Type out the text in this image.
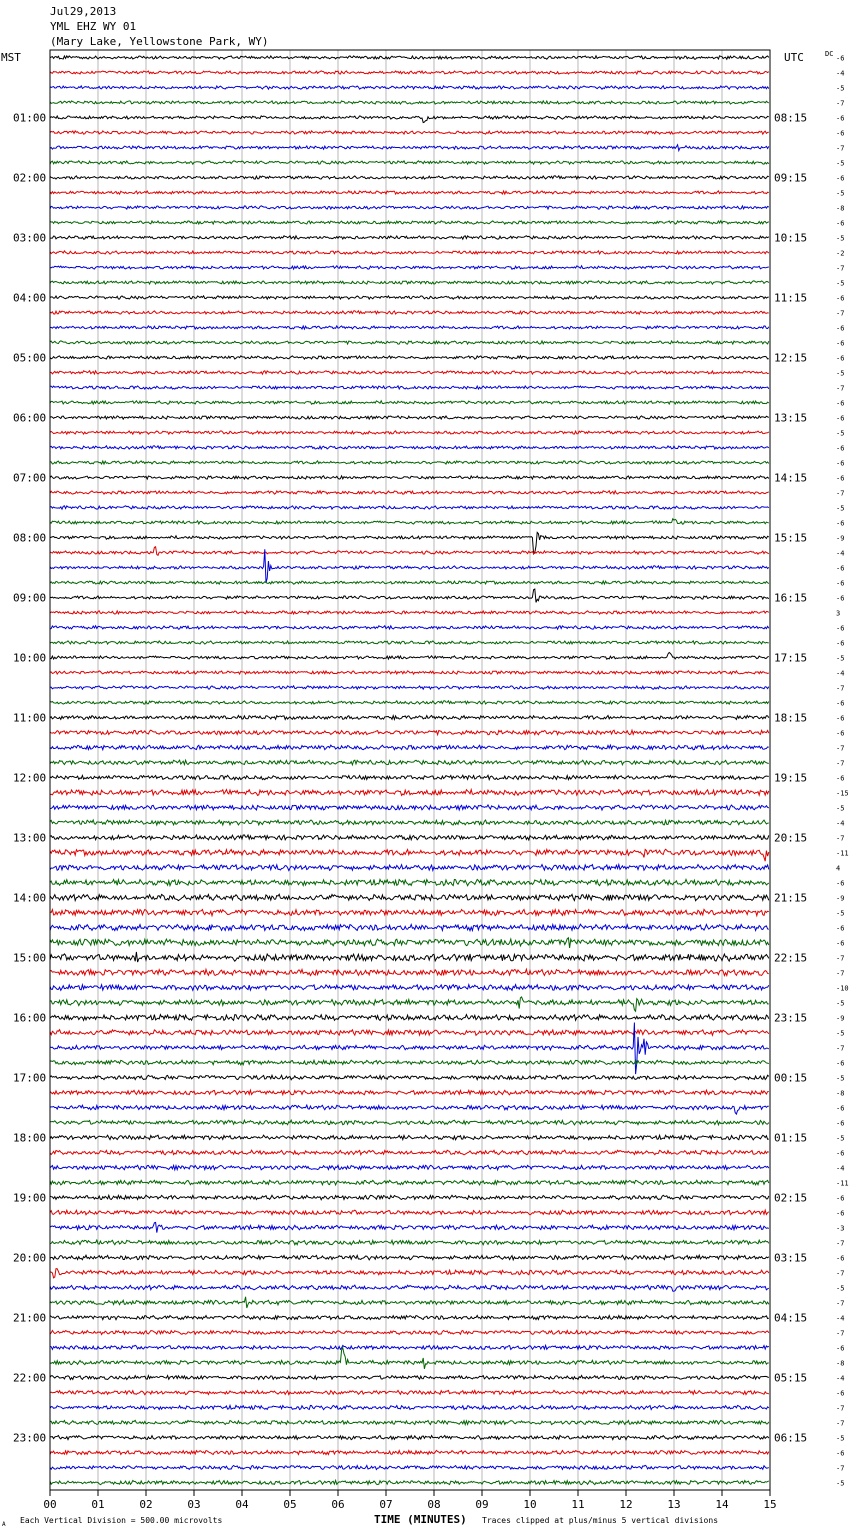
Jul29,2013
YML EHZ WY 01
(Mary Lake, Yellowstone Park, WY)
-6
-4
-5
-7
-6
-6
-7
-5
-6
-5
-8
-6
-5
-2
-7
-5
-6
-7
-6
-6
-6
-5
-7
-6
-6
-5
-6
-6
-6
-7
-5
-6
-9
-4
-6
-6
-6
3
-6
-6
-5
-4
-7
-6
-6
-6
-7
-7
-6
-15
-5
-4
-7
-11
4
-6
-9
-5
-6
-6
-7
-7
-10
-5
-9
-5
-7
-6
-5
-8
-6
-6
-5
-6
-4
-11
-6
-6
-3
-7
-6
-7
-5
-7
-4
-7
-6
-8
-4
-6
-7
-7
-5
-6
-7
-5
01:00
02:00
03:00
04:00
05:00
06:00
07:00
08:00
09:00
10:00
11:00
12:00
13:00
14:00
15:00
16:00
17:00
18:00
19:00
20:00
21:00
22:00
23:00
08:15
09:15
10:15
11:15
12:15
13:15
14:15
15:15
16:15
17:15
18:15
19:15
20:15
21:15
22:15
23:15
00:15
01:15
02:15
03:15
04:15
05:15
06:15
00	01	02	03	04	05	06	07	08	09	10	11	12	13	14	15
MST	UTC	DC
TIME (MINUTES)
Each Vertical Division = 500.00 microvolts	Traces clipped at plus/minus 5 vertical divisions
A
